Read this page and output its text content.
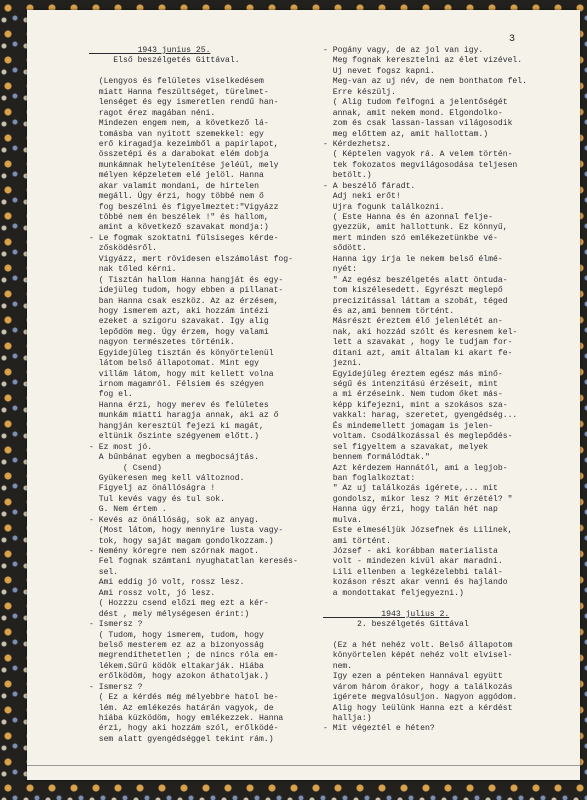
3
1943 junius 25.
Első beszélgetés Gittával.
(Lengyos és felületes viselkedésem
miatt Hanna feszültséget, türelmet-
lenséget és egy ismeretlen rendű han-
ragot érez magában néni.
Mindezen engem nem, a következő lá-
tomásba van nyitott szemekkel: egy
erő kiragadja kezeimből a papírlapot,
összetépi és a darabokat elém dobja
munkámnak helytelenítése jeléül, mely
mélyen képzeletem elé jelöl. Hanna
akar valamit mondani, de hirtelen
megáll. Úgy érzi, hogy többé nem ő
fog beszélni és figyelmeztet:"Vigyázz
többé nem én beszélek !" és hallom,
amint a következő szavakat mondja:)
- Le fogmak szoktatni fülsiseges kérde-
zősködésről.
Vigyázz, mert rövidesen elszámolást fog-
nak tőled kérni.
( Tisztán hallom Hanna hangját és egy-
idejüleg tudom, hogy ebben a pillanat-
ban Hanna csak eszköz. Az az érzésem,
hogy ismerem azt, aki hozzám intézi
ezeket a szigoru szavakat. Igy alig
lepődöm meg. Úgy érzem, hogy valami
nagyon természetes történik.
Egyidejüleg tisztán és könyörtelenül
látom belső állapotomat. Mint egy
villám látom, hogy mit kellett volna
irnom magamról. Félsiem és szégyen
fog el.
Hanna érzi, hogy merev és felületes
munkám miatti haragja annak, aki az ő
hangján keresztül fejezi ki magát,
eltünik őszinte szégyenem előtt.)
- Ez most jó.
A bűnbánat egyben a megbocsájtás.
( Csend)
Gyükeresen meg kell változnod.
Figyelj az önállóságra !
Tul kevés vagy és tul sok.
G. Nem értem .
- Kevés az önállóság, sok az anyag.
(Most látom, hogy mennyire lusta vagy-
tok, hogy saját magam gondolkozzam.)
- Nemény kóregre nem szórnak magot.
Fel fognak számtani nyughatatlan keresés-
sel.
Ami eddig jó volt, rossz lesz.
Ami rossz volt, jó lesz.
( Hozzzu csend előzi meg ezt a kér-
dést , mely mélységesen érint:)
- Ismersz ?
( Tudom, hogy ismerem, tudom, hogy
belső mesterem ez az a bizonyosság
megrendíthetetlen ; de nincs róla em-
lékem.Sűrű ködök eltakarják. Hiába
erőlködöm, hogy azokon áthatoljak.)
- Ismersz ?
( Ez a kérdés még mélyebbre hatol be-
lém. Az emlékezés határán vagyok, de
hiába küzködöm, hogy emlékezzek. Hanna
érzi, hogy aki hozzám szól, erőlködé-
sem alatt gyengédséggel tekint rám.)
- Pogány vagy, de az jol van igy.
Meg fognak keresztelni az élet vizével.
Uj nevet fogsz kapni.
Meg-van az uj név, de nem bonthatom fel.
Erre készülj.
( Alig tudom felfogni a jelentőségét
annak, amit nekem mond. Elgondolko-
zom és csak lassan-lassan világosodik
meg előttem az, amit hallottam.)
- Kérdezhetsz.
( Képtelen vagyok rá. A velem történ-
tek fokozatos megvilágosodása teljesen
betölt.)
- A beszélő fáradt.
Adj neki erőt!
Ujra fogunk találkozni.
( Este Hanna és én azonnal felje-
gyezzük, amit hallottunk. Ez könnyű,
mert minden szó emlékezetünkbe vé-
sődött.
Hanna igy irja le nekem belső élmé-
nyét:
" Az egész beszélgetés alatt öntuda-
tom kiszélesedett. Egyrészt meglepő
precizitással láttam a szobát, téged
és az,ami bennem történt.
Másrészt éreztem élő jelenlétét an-
nak, aki hozzád szólt és keresnem kel-
lett a szavakat , hogy le tudjam for-
ditani azt, amit általam ki akart fe-
jezni.
Egyidejüleg éreztem egész más minő-
ségű és intenzitású érzéseit, mint
a mi érzéseink. Nem tudom őket más-
képp kifejezni, mint a szokásos sza-
vakkal: harag, szeretet, gyengédség...
És mindemellett jomagam is jelen-
voltam. Csodálkozással és meglepődés-
sel figyeltem a szavakat, melyek
bennem formálódtak."
Azt kérdezem Hannától, ami a legjob-
ban foglalkoztat:
" Az uj találkozás igérete,... mit
gondolsz, mikor lesz ? Mit érzétél? "
Hanna úgy érzi, hogy talán hét nap
mulva.
Este elmeséljük Józsefnek és Lilinek,
ami történt.
József - aki korábban materialista
volt - mindezen kivül akar maradni.
Lili ellenben a legkézelebbi talál-
kozáson részt akar venni és hajlando
a mondottakat feljegyezni.)
1943 julius 2.
2. beszélgetés Gittával
(Ez a hét nehéz volt. Belső állapotom
könyörtelen képét nehéz volt elvisel-
nem.
Igy ezen a pénteken Hannával együtt
várom három órakor, hogy a találkozás
igérete megvalósuljon. Nagyon aggódom.
Alig hogy leülünk Hanna ezt a kérdést
hallja:)
- Mit végeztél e héten?
